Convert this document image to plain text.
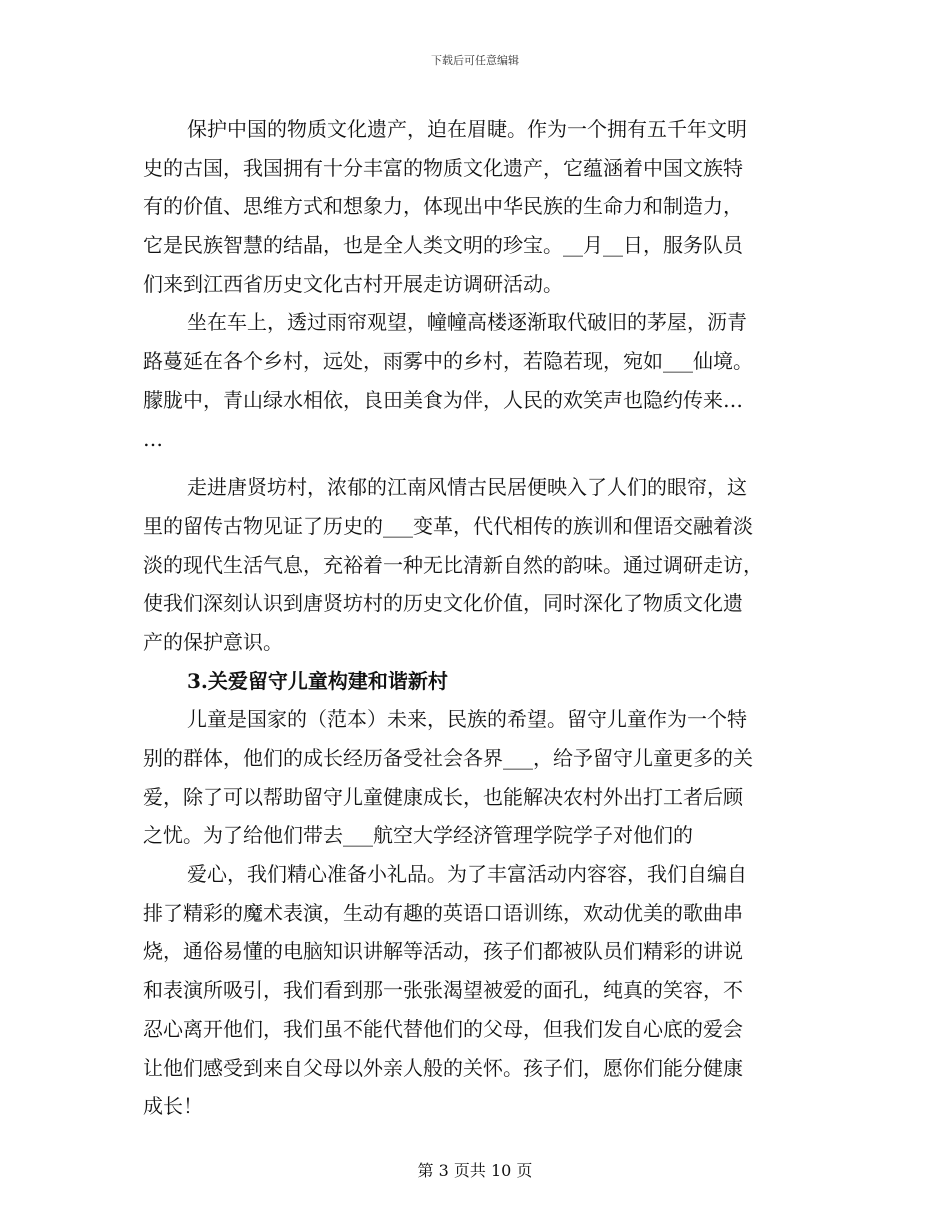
下载后可任意编辑
保护中国的物质文化遗产，迫在眉睫。作为一个拥有五千年文明
史的古国，我国拥有十分丰富的物质文化遗产，它蕴涵着中国文族特
有的价值、思维方式和想象力，体现出中华民族的生命力和制造力，
它是民族智慧的结晶，也是全人类文明的珍宝。__月__日，服务队员
们来到江西省历史文化古村开展走访调研活动。
坐在车上，透过雨帘观望，幢幢高楼逐渐取代破旧的茅屋，沥青
路蔓延在各个乡村，远处，雨雾中的乡村，若隐若现，宛如___仙境。
朦胧中，青山绿水相依，良田美食为伴，人民的欢笑声也隐约传来…
…
走进唐贤坊村，浓郁的江南风情古民居便映入了人们的眼帘，这
里的留传古物见证了历史的___变革，代代相传的族训和俚语交融着淡
淡的现代生活气息，充裕着一种无比清新自然的韵味。通过调研走访，
使我们深刻认识到唐贤坊村的历史文化价值，同时深化了物质文化遗
产的保护意识。
3.关爱留守儿童构建和谐新村
儿童是国家的（范本）未来，民族的希望。留守儿童作为一个特
别的群体，他们的成长经历备受社会各界___，给予留守儿童更多的关
爱，除了可以帮助留守儿童健康成长，也能解决农村外出打工者后顾
之忧。为了给他们带去___航空大学经济管理学院学子对他们的
爱心，我们精心准备小礼品。为了丰富活动内容容，我们自编自
排了精彩的魔术表演，生动有趣的英语口语训练，欢动优美的歌曲串
烧，通俗易懂的电脑知识讲解等活动，孩子们都被队员们精彩的讲说
和表演所吸引，我们看到那一张张渴望被爱的面孔，纯真的笑容，不
忍心离开他们，我们虽不能代替他们的父母，但我们发自心底的爱会
让他们感受到来自父母以外亲人般的关怀。孩子们，愿你们能分健康
成长！
第 3 页共 10 页
